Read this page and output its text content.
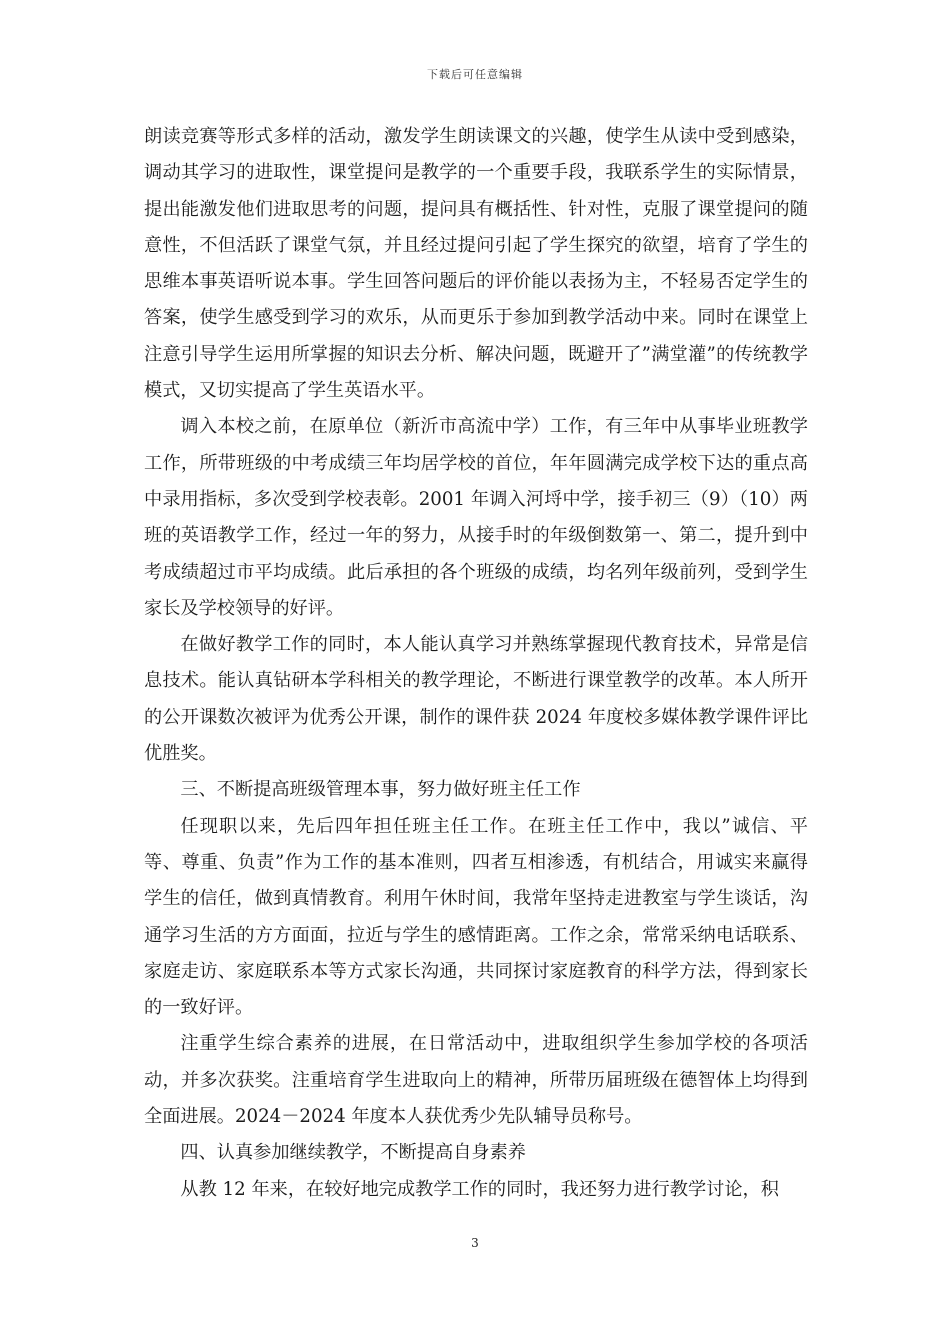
下载后可任意编辑

朗读竞赛等形式多样的活动，激发学生朗读课文的兴趣，使学生从读中受到感染，调动其学习的进取性，课堂提问是教学的一个重要手段，我联系学生的实际情景，提出能激发他们进取思考的问题，提问具有概括性、针对性，克服了课堂提问的随意性，不但活跃了课堂气氛，并且经过提问引起了学生探究的欲望，培育了学生的思维本事英语听说本事。学生回答问题后的评价能以表扬为主，不轻易否定学生的答案，使学生感受到学习的欢乐，从而更乐于参加到教学活动中来。同时在课堂上注意引导学生运用所掌握的知识去分析、解决问题，既避开了”满堂灌”的传统教学模式，又切实提高了学生英语水平。

调入本校之前，在原单位（新沂市高流中学）工作，有三年中从事毕业班教学工作，所带班级的中考成绩三年均居学校的首位，年年圆满完成学校下达的重点高中录用指标，多次受到学校表彰。2001 年调入河埒中学，接手初三（9）（10）两班的英语教学工作，经过一年的努力，从接手时的年级倒数第一、第二，提升到中考成绩超过市平均成绩。此后承担的各个班级的成绩，均名列年级前列，受到学生家长及学校领导的好评。

在做好教学工作的同时，本人能认真学习并熟练掌握现代教育技术，异常是信息技术。能认真钻研本学科相关的教学理论，不断进行课堂教学的改革。本人所开的公开课数次被评为优秀公开课，制作的课件获 2024 年度校多媒体教学课件评比优胜奖。

三、不断提高班级管理本事，努力做好班主任工作

任现职以来，先后四年担任班主任工作。在班主任工作中，我以”诚信、平等、尊重、负责”作为工作的基本准则，四者互相渗透，有机结合，用诚实来赢得学生的信任，做到真情教育。利用午休时间，我常年坚持走进教室与学生谈话，沟通学习生活的方方面面，拉近与学生的感情距离。工作之余，常常采纳电话联系、家庭走访、家庭联系本等方式家长沟通，共同探讨家庭教育的科学方法，得到家长的一致好评。

注重学生综合素养的进展，在日常活动中，进取组织学生参加学校的各项活动，并多次获奖。注重培育学生进取向上的精神，所带历届班级在德智体上均得到全面进展。2024－2024 年度本人获优秀少先队辅导员称号。

四、认真参加继续教学，不断提高自身素养

从教 12 年来，在较好地完成教学工作的同时，我还努力进行教学讨论，积

3
